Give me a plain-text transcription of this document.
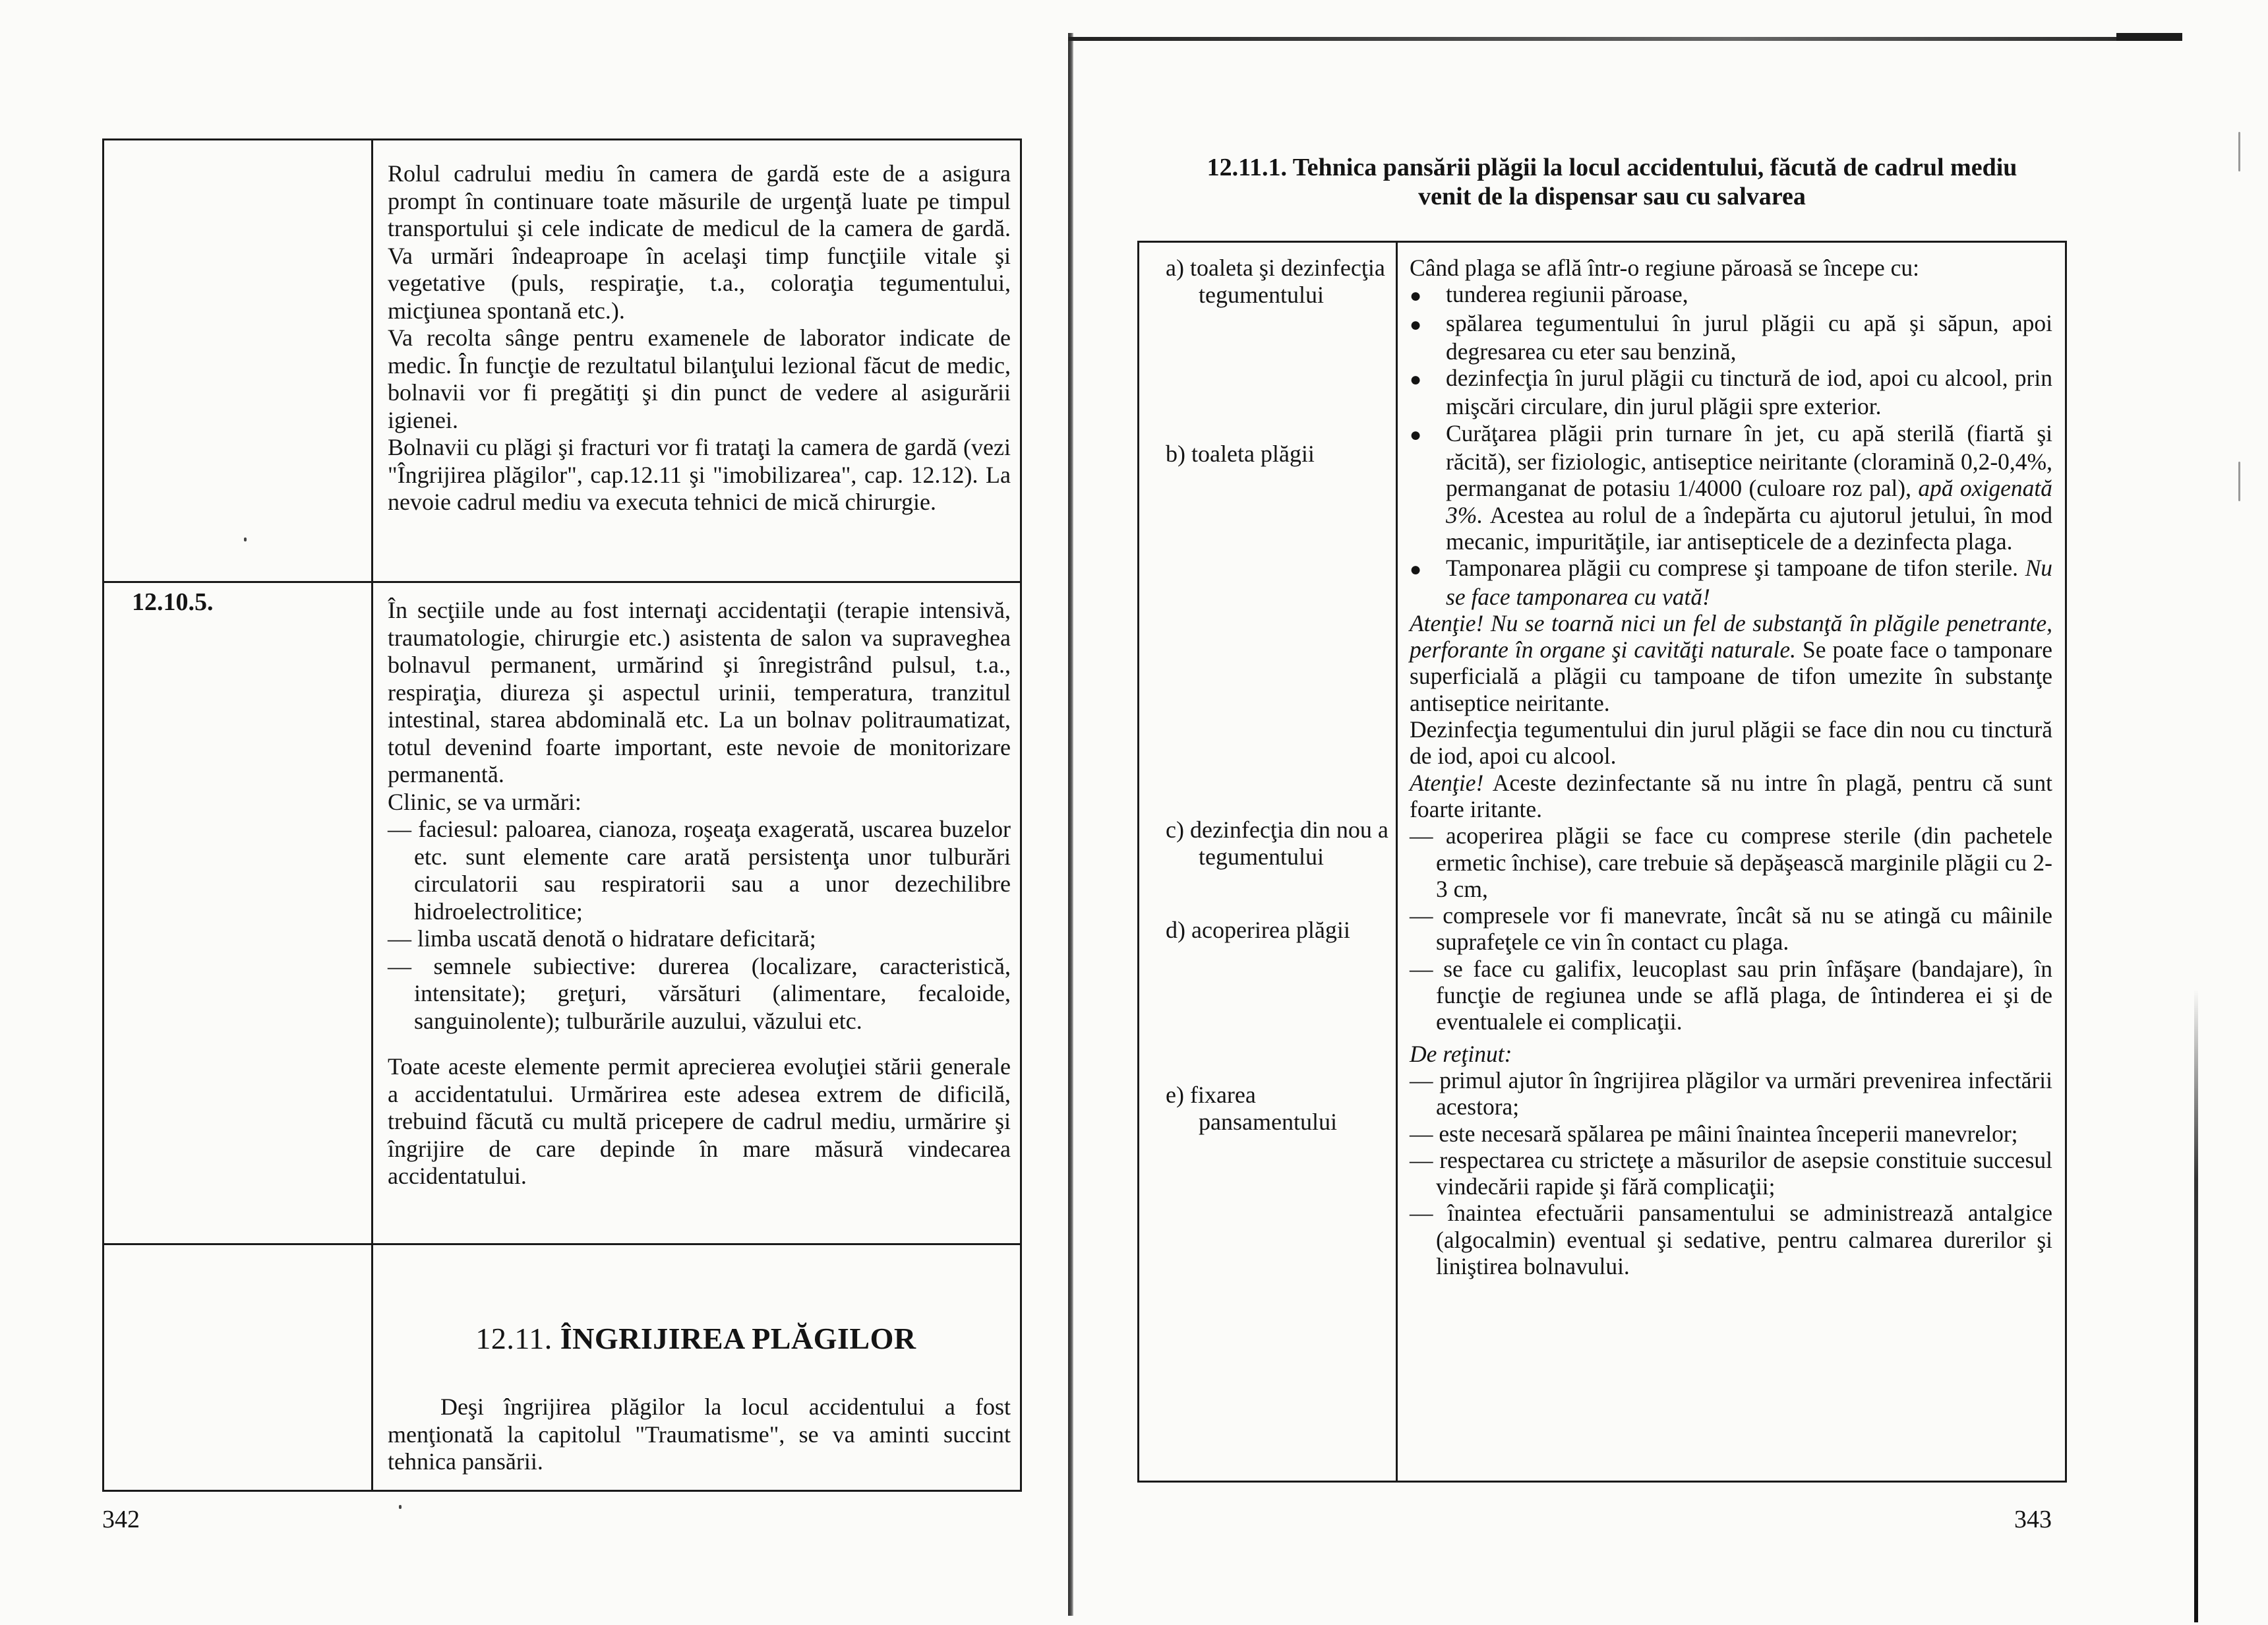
Rolul cadrului mediu în camera de gardă este de a asigura prompt în continuare toate măsurile de urgenţă luate pe timpul transportului şi cele indicate de medicul de la camera de gardă. Va urmări îndeaproape în acelaşi timp funcţiile vitale şi vegetative (puls, respiraţie, t.a., coloraţia tegumentului, micţiunea spontană etc.).

Va recolta sânge pentru examenele de laborator indicate de medic. În funcţie de rezultatul bilanţului lezional făcut de medic, bolnavii vor fi pregătiţi şi din punct de vedere al asigurării igienei.

Bolnavii cu plăgi şi fracturi vor fi trataţi la camera de gardă (vezi "Îngrijirea plăgilor", cap.12.11 şi "imobilizarea", cap. 12.12). La nevoie cadrul mediu va executa tehnici de mică chirurgie.

12.10.5.	În secţiile unde au fost internaţi accidentaţii (terapie intensivă, traumatologie, chirurgie etc.) asistenta de salon va supraveghea bolnavul permanent, urmărind şi înregistrând pulsul, t.a., respiraţia, diureza şi aspectul urinii, temperatura, tranzitul intestinal, starea abdominală etc. La un bolnav politraumatizat, totul devenind foarte important, este nevoie de monitorizare permanentă.

Clinic, se va urmări:

— faciesul: paloarea, cianoza, roşeaţa exagerată, uscarea buzelor etc. sunt elemente care arată persistenţa unor tulburări circulatorii sau respiratorii sau a unor dezechilibre hidroelectrolitice;

— limba uscată denotă o hidratare deficitară;

— semnele subiective: durerea (localizare, caracteristică, intensitate); greţuri, vărsături (alimentare, fecaloide, sanguinolente); tulburările auzului, văzului etc.

Toate aceste elemente permit aprecierea evoluţiei stării generale a accidentatului. Urmărirea este adesea extrem de dificilă, trebuind făcută cu multă pricepere de cadrul mediu, urmărire şi îngrijire de care depinde în mare măsură vindecarea accidentatului.

12.11. ÎNGRIJIREA PLĂGILOR

Deşi îngrijirea plăgilor la locul accidentului a fost menţionată la capitolul "Traumatisme", se va aminti succint tehnica pansării.

342
12.11.1. Tehnica pansării plăgii la locul accidentului, făcută de cadrul mediu venit de la dispensar sau cu salvarea

a) toaleta şi dezinfecţia tegumentului

b) toaleta plăgii

c) dezinfecţia din nou a tegumentului

d) acoperirea plăgii

e) fixarea pansamentului

Când plaga se află într-o regiune păroasă se începe cu:

● tunderea regiunii păroase,

● spălarea tegumentului în jurul plăgii cu apă şi săpun, apoi degresarea cu eter sau benzină,

● dezinfecţia în jurul plăgii cu tinctură de iod, apoi cu alcool, prin mişcări circulare, din jurul plăgii spre exterior.

● Curăţarea plăgii prin turnare în jet, cu apă sterilă (fiartă şi răcită), ser fiziologic, antiseptice neiritante (cloramină 0,2-0,4%, permanganat de potasiu 1/4000 (culoare roz pal), apă oxigenată 3%. Acestea au rolul de a îndepărta cu ajutorul jetului, în mod mecanic, impurităţile, iar antisepticele de a dezinfecta plaga.

● Tamponarea plăgii cu comprese şi tampoane de tifon sterile. Nu se face tamponarea cu vată!

Atenţie! Nu se toarnă nici un fel de substanţă în plăgile penetrante, perforante în organe şi cavităţi naturale. Se poate face o tamponare superficială a plăgii cu tampoane de tifon umezite în substanţe antiseptice neiritante.

Dezinfecţia tegumentului din jurul plăgii se face din nou cu tinctură de iod, apoi cu alcool.

Atenţie! Aceste dezinfectante să nu intre în plagă, pentru că sunt foarte iritante.

— acoperirea plăgii se face cu comprese sterile (din pachetele ermetic închise), care trebuie să depăşească marginile plăgii cu 2-3 cm,

— compresele vor fi manevrate, încât să nu se atingă cu mâinile suprafeţele ce vin în contact cu plaga.

— se face cu galifix, leucoplast sau prin înfăşare (bandajare), în funcţie de regiunea unde se află plaga, de întinderea ei şi de eventualele ei complicaţii.

De reţinut:

— primul ajutor în îngrijirea plăgilor va urmări prevenirea infectării acestora;

— este necesară spălarea pe mâini înaintea începerii manevrelor;

— respectarea cu stricteţe a măsurilor de asepsie constituie succesul vindecării rapide şi fără complicaţii;

— înaintea efectuării pansamentului se administrează antalgice (algocalmin) eventual şi sedative, pentru calmarea durerilor şi liniştirea bolnavului.

343
